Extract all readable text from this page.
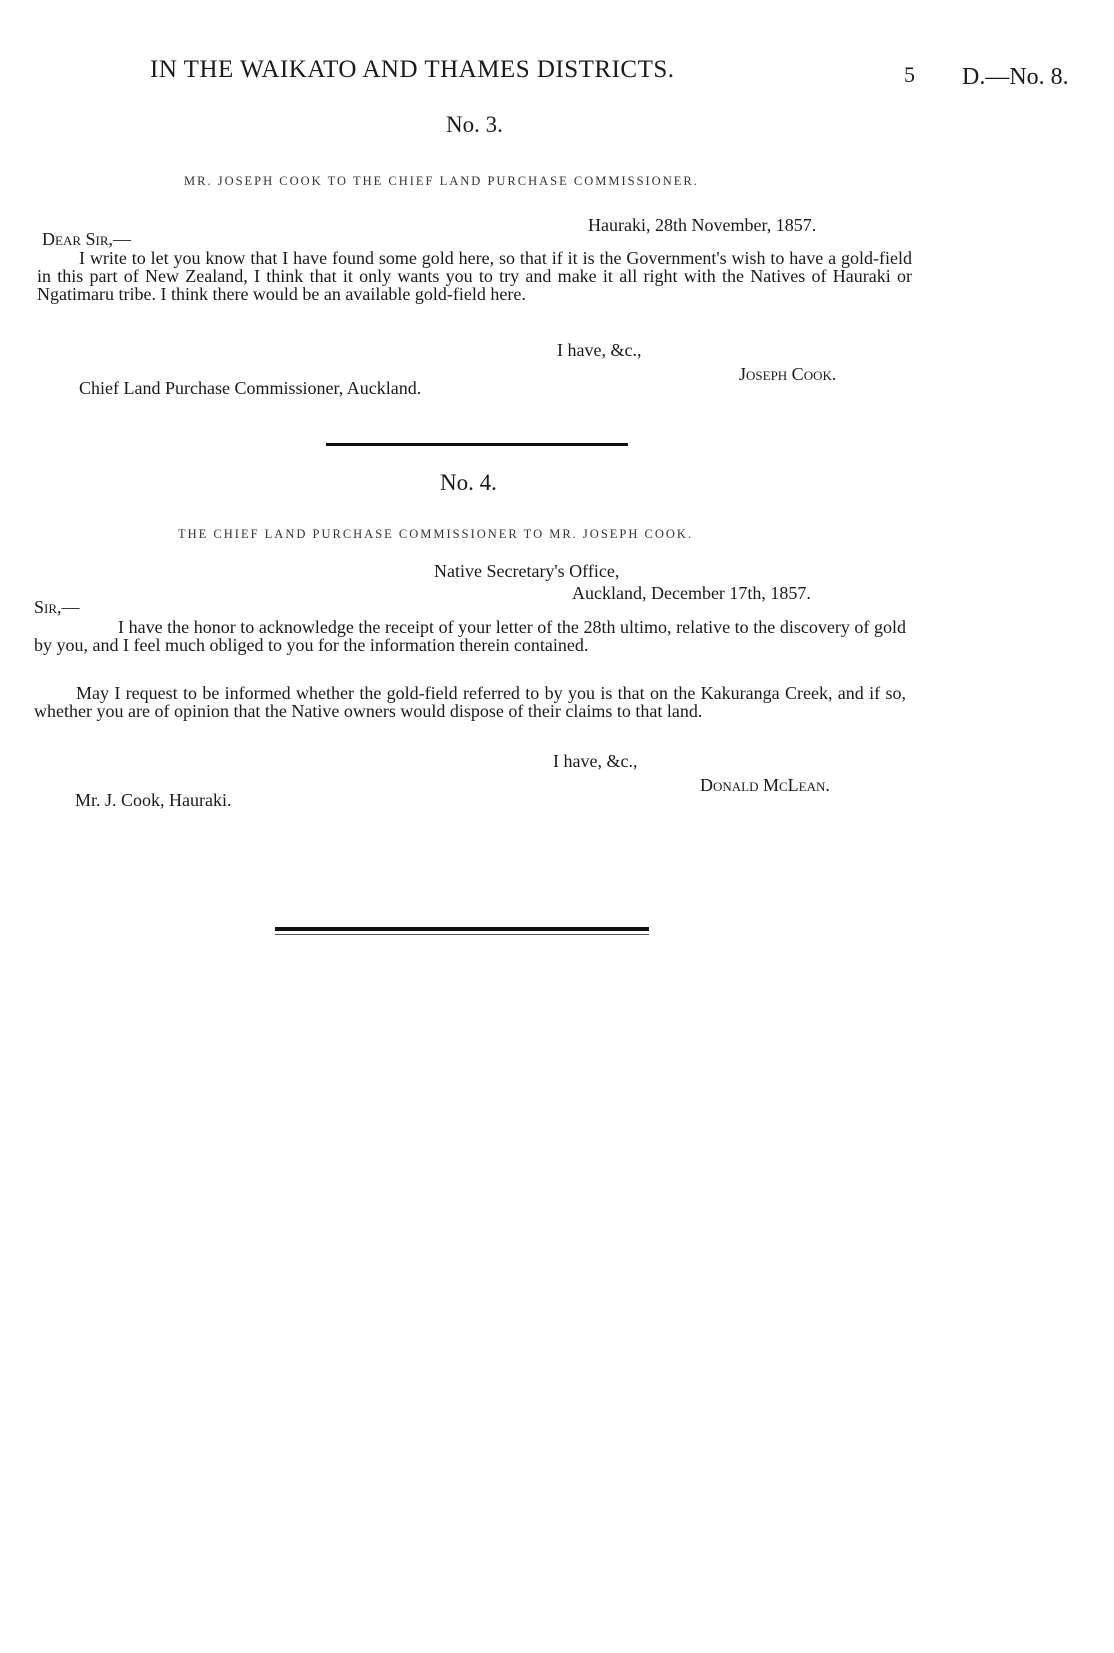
IN THE WAIKATO AND THAMES DISTRICTS.	5 D.—No. 8.
No. 3.
MR. JOSEPH COOK TO THE CHIEF LAND PURCHASE COMMISSIONER.
Hauraki, 28th November, 1857.
Dear Sir,—
I write to let you know that I have found some gold here, so that if it is the Government's wish to have a gold-field in this part of New Zealand, I think that it only wants you to try and make it all right with the Natives of Hauraki or Ngatimaru tribe. I think there would be an available gold-field here.
I have, &c.,
Joseph Cook.
Chief Land Purchase Commissioner, Auckland.
No. 4.
THE CHIEF LAND PURCHASE COMMISSIONER TO MR. JOSEPH COOK.
Native Secretary's Office,
Auckland, December 17th, 1857.
Sir,—
I have the honor to acknowledge the receipt of your letter of the 28th ultimo, relative to the discovery of gold by you, and I feel much obliged to you for the information therein contained.
May I request to be informed whether the gold-field referred to by you is that on the Kakuranga Creek, and if so, whether you are of opinion that the Native owners would dispose of their claims to that land.
I have, &c.,
Donald McLean.
Mr. J. Cook, Hauraki.
